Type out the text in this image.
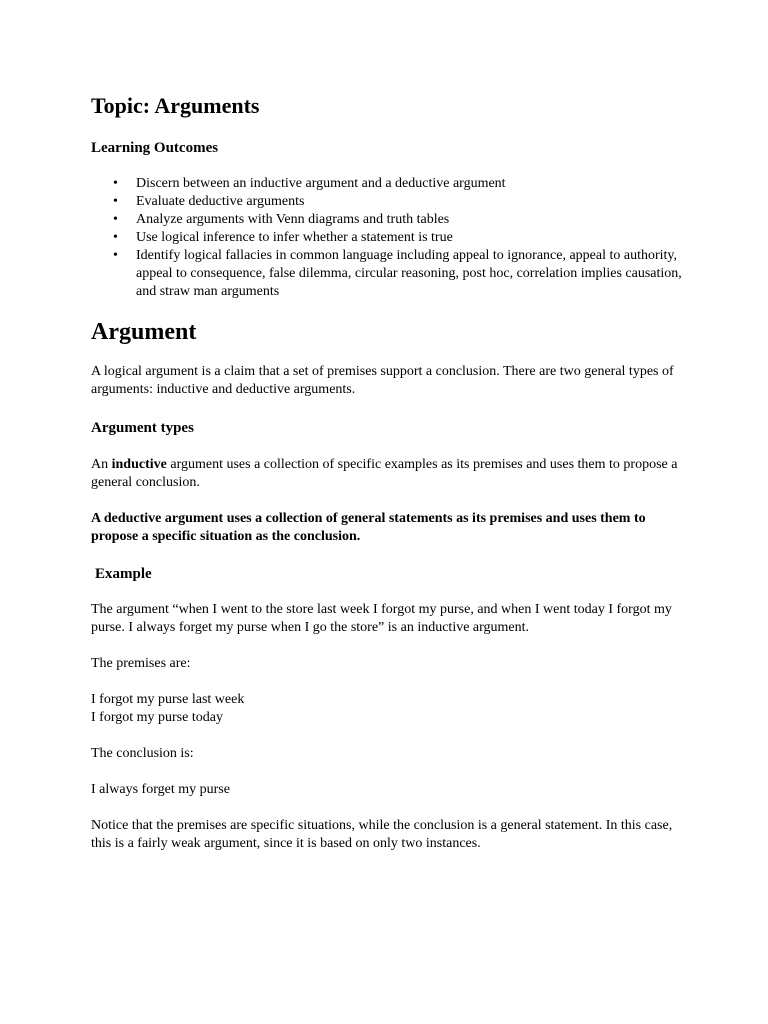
Topic: Arguments
Learning Outcomes
• Discern between an inductive argument and a deductive argument
• Evaluate deductive arguments
• Analyze arguments with Venn diagrams and truth tables
• Use logical inference to infer whether a statement is true
• Identify logical fallacies in common language including appeal to ignorance, appeal to authority, appeal to consequence, false dilemma, circular reasoning, post hoc, correlation implies causation, and straw man arguments
Argument

A logical argument is a claim that a set of premises support a conclusion. There are two general types of arguments: inductive and deductive arguments.

Argument types

An inductive argument uses a collection of specific examples as its premises and uses them to propose a general conclusion.

A deductive argument uses a collection of general statements as its premises and uses them to propose a specific situation as the conclusion.

Example

The argument “when I went to the store last week I forgot my purse, and when I went today I forgot my purse. I always forget my purse when I go the store” is an inductive argument.

The premises are:

I forgot my purse last week

I forgot my purse today

The conclusion is:

I always forget my purse

Notice that the premises are specific situations, while the conclusion is a general statement. In this case, this is a fairly weak argument, since it is based on only two instances.
